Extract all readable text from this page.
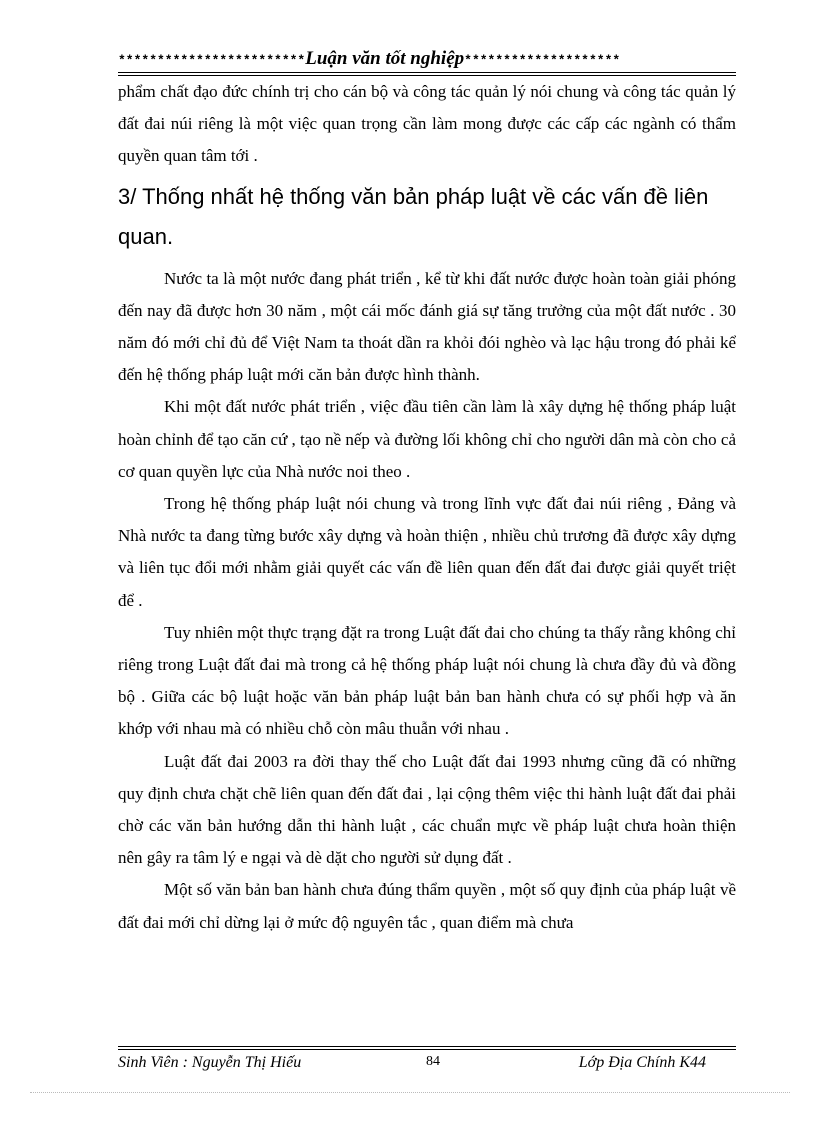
************************Luận văn tốt nghiệp********************

phẩm chất đạo đức chính trị cho cán bộ và công tác quản lý nói chung và công tác quản lý đất đai núi riêng là một việc quan trọng cần làm mong được các cấp các ngành có thẩm quyền quan tâm tới .

3/ Thống nhất hệ thống văn bản pháp luật về các vấn đề liên quan.

Nước ta là một nước đang phát triển , kể từ khi đất nước được hoàn toàn giải phóng đến nay đã được hơn 30 năm , một cái mốc đánh giá sự tăng trưởng của một đất nước . 30 năm đó mới chỉ đủ để Việt Nam ta thoát dần ra khỏi đói nghèo và lạc hậu trong đó phải kể đến hệ thống pháp luật mới căn bản được hình thành.

Khi một đất nước phát triển , việc đầu tiên cần làm là xây dựng hệ thống pháp luật hoàn chỉnh để tạo căn cứ , tạo nề nếp và đường lối không chỉ cho người dân mà còn cho cả cơ quan quyền lực của Nhà nước noi theo .

Trong hệ thống pháp luật nói chung và trong lĩnh vực đất đai núi riêng , Đảng và Nhà nước ta đang từng bước xây dựng và hoàn thiện , nhiều chủ trương đã được xây dựng và liên tục đổi mới nhằm giải quyết các vấn đề liên quan đến đất đai được giải quyết triệt để .

Tuy nhiên một thực trạng đặt ra trong Luật đất đai cho chúng ta thấy rằng không chỉ riêng trong Luật đất đai mà trong cả hệ thống pháp luật nói chung là chưa đầy đủ và đồng bộ . Giữa các bộ luật hoặc văn bản pháp luật bản ban hành chưa có sự phối hợp và ăn khớp với nhau mà có nhiều chỗ còn mâu thuẫn với nhau .

Luật đất đai 2003 ra đời thay thế cho Luật đất đai 1993 nhưng cũng đã có những quy định chưa chặt chẽ liên quan đến đất đai , lại cộng thêm việc thi hành luật đất đai phải chờ các văn bản hướng dẫn thi hành luật , các chuẩn mực về pháp luật chưa hoàn thiện nên gây ra tâm lý e ngại và dè dặt cho người sử dụng đất .

Một số văn bản ban hành chưa đúng thẩm quyền , một số quy định của pháp luật về đất đai mới chỉ dừng lại ở mức độ nguyên tắc , quan điểm mà chưa

Sinh Viên : Nguyễn Thị Hiếu	84	Lớp Địa Chính K44
